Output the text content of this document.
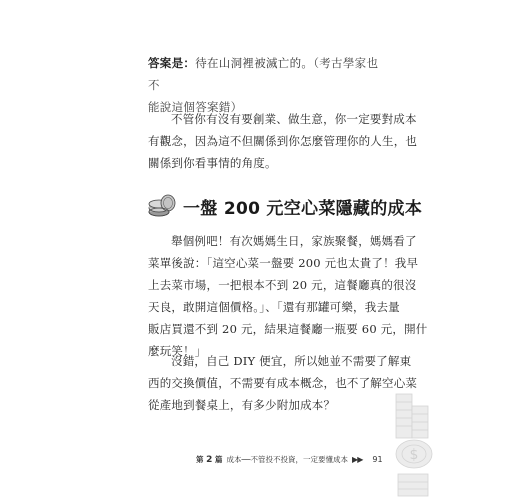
答案是：待在山洞裡被滅亡的。（考古學家也不
能說這個答案錯）
不管你有沒有要創業、做生意，你一定要對成本
有觀念，因為這不但關係到你怎麼管理你的人生，也
關係到你看事情的角度。
一盤 200 元空心菜隱藏的成本
舉個例吧！有次媽媽生日，家族聚餐，媽媽看了
菜單後說：「這空心菜一盤要 200 元也太貴了！我早
上去菜市場，一把根本不到 20 元，這餐廳真的很沒
天良，敢開這個價格。」、「還有那罐可樂，我去量
販店買還不到 20 元，結果這餐廳一瓶要 60 元，開什
麼玩笑！」
沒錯，自己 DIY 便宜，所以她並不需要了解東
西的交換價值，不需要有成本概念，也不了解空心菜
從產地到餐桌上，有多少附加成本？
$
第 2 篇 成本──不管投不投資，一定要懂成本 ▶▶ 91
